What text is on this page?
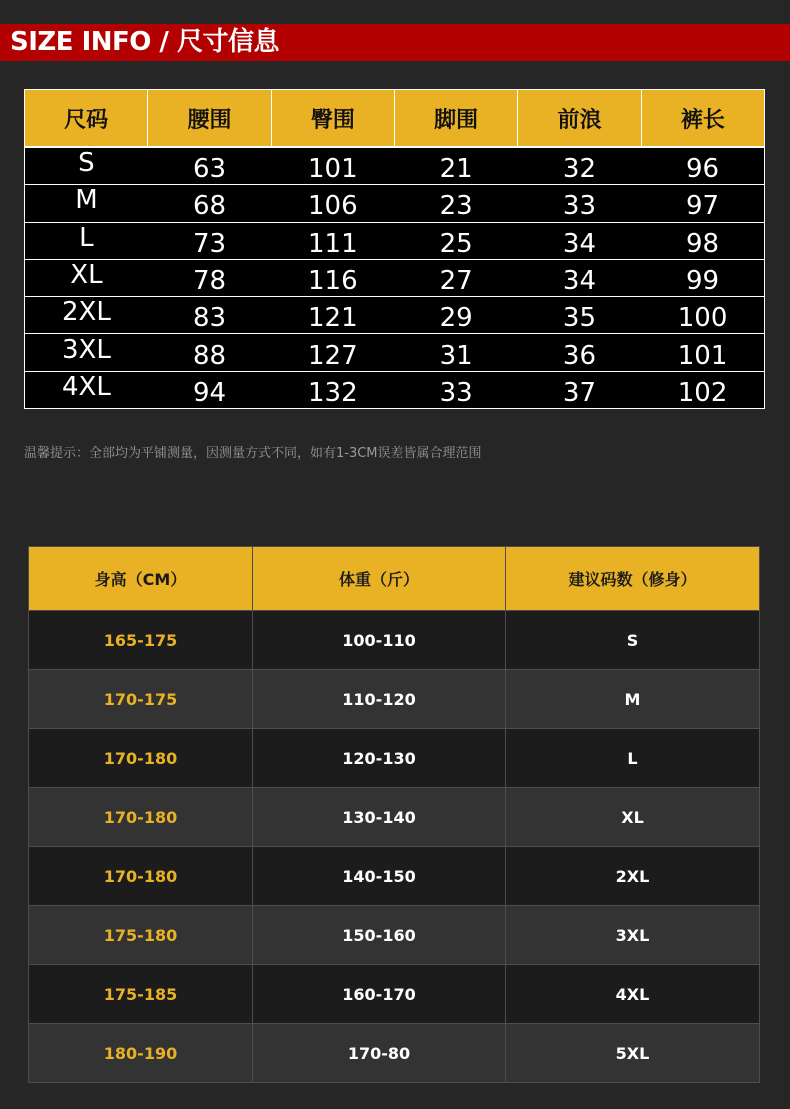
SIZE INFO / 尺寸信息
尺码	腰围	臀围	脚围	前浪	裤长
S	63	101	21	32	96
M	68	106	23	33	97
L	73	111	25	34	98
XL	78	116	27	34	99
2XL	83	121	29	35	100
3XL	88	127	31	36	101
4XL	94	132	33	37	102
温馨提示：全部均为平铺测量，因测量方式不同，如有1-3CM误差皆属合理范围
身高（CM）	体重（斤）	建议码数（修身）
165-175	100-110	S
170-175	110-120	M
170-180	120-130	L
170-180	130-140	XL
170-180	140-150	2XL
175-180	150-160	3XL
175-185	160-170	4XL
180-190	170-80	5XL
